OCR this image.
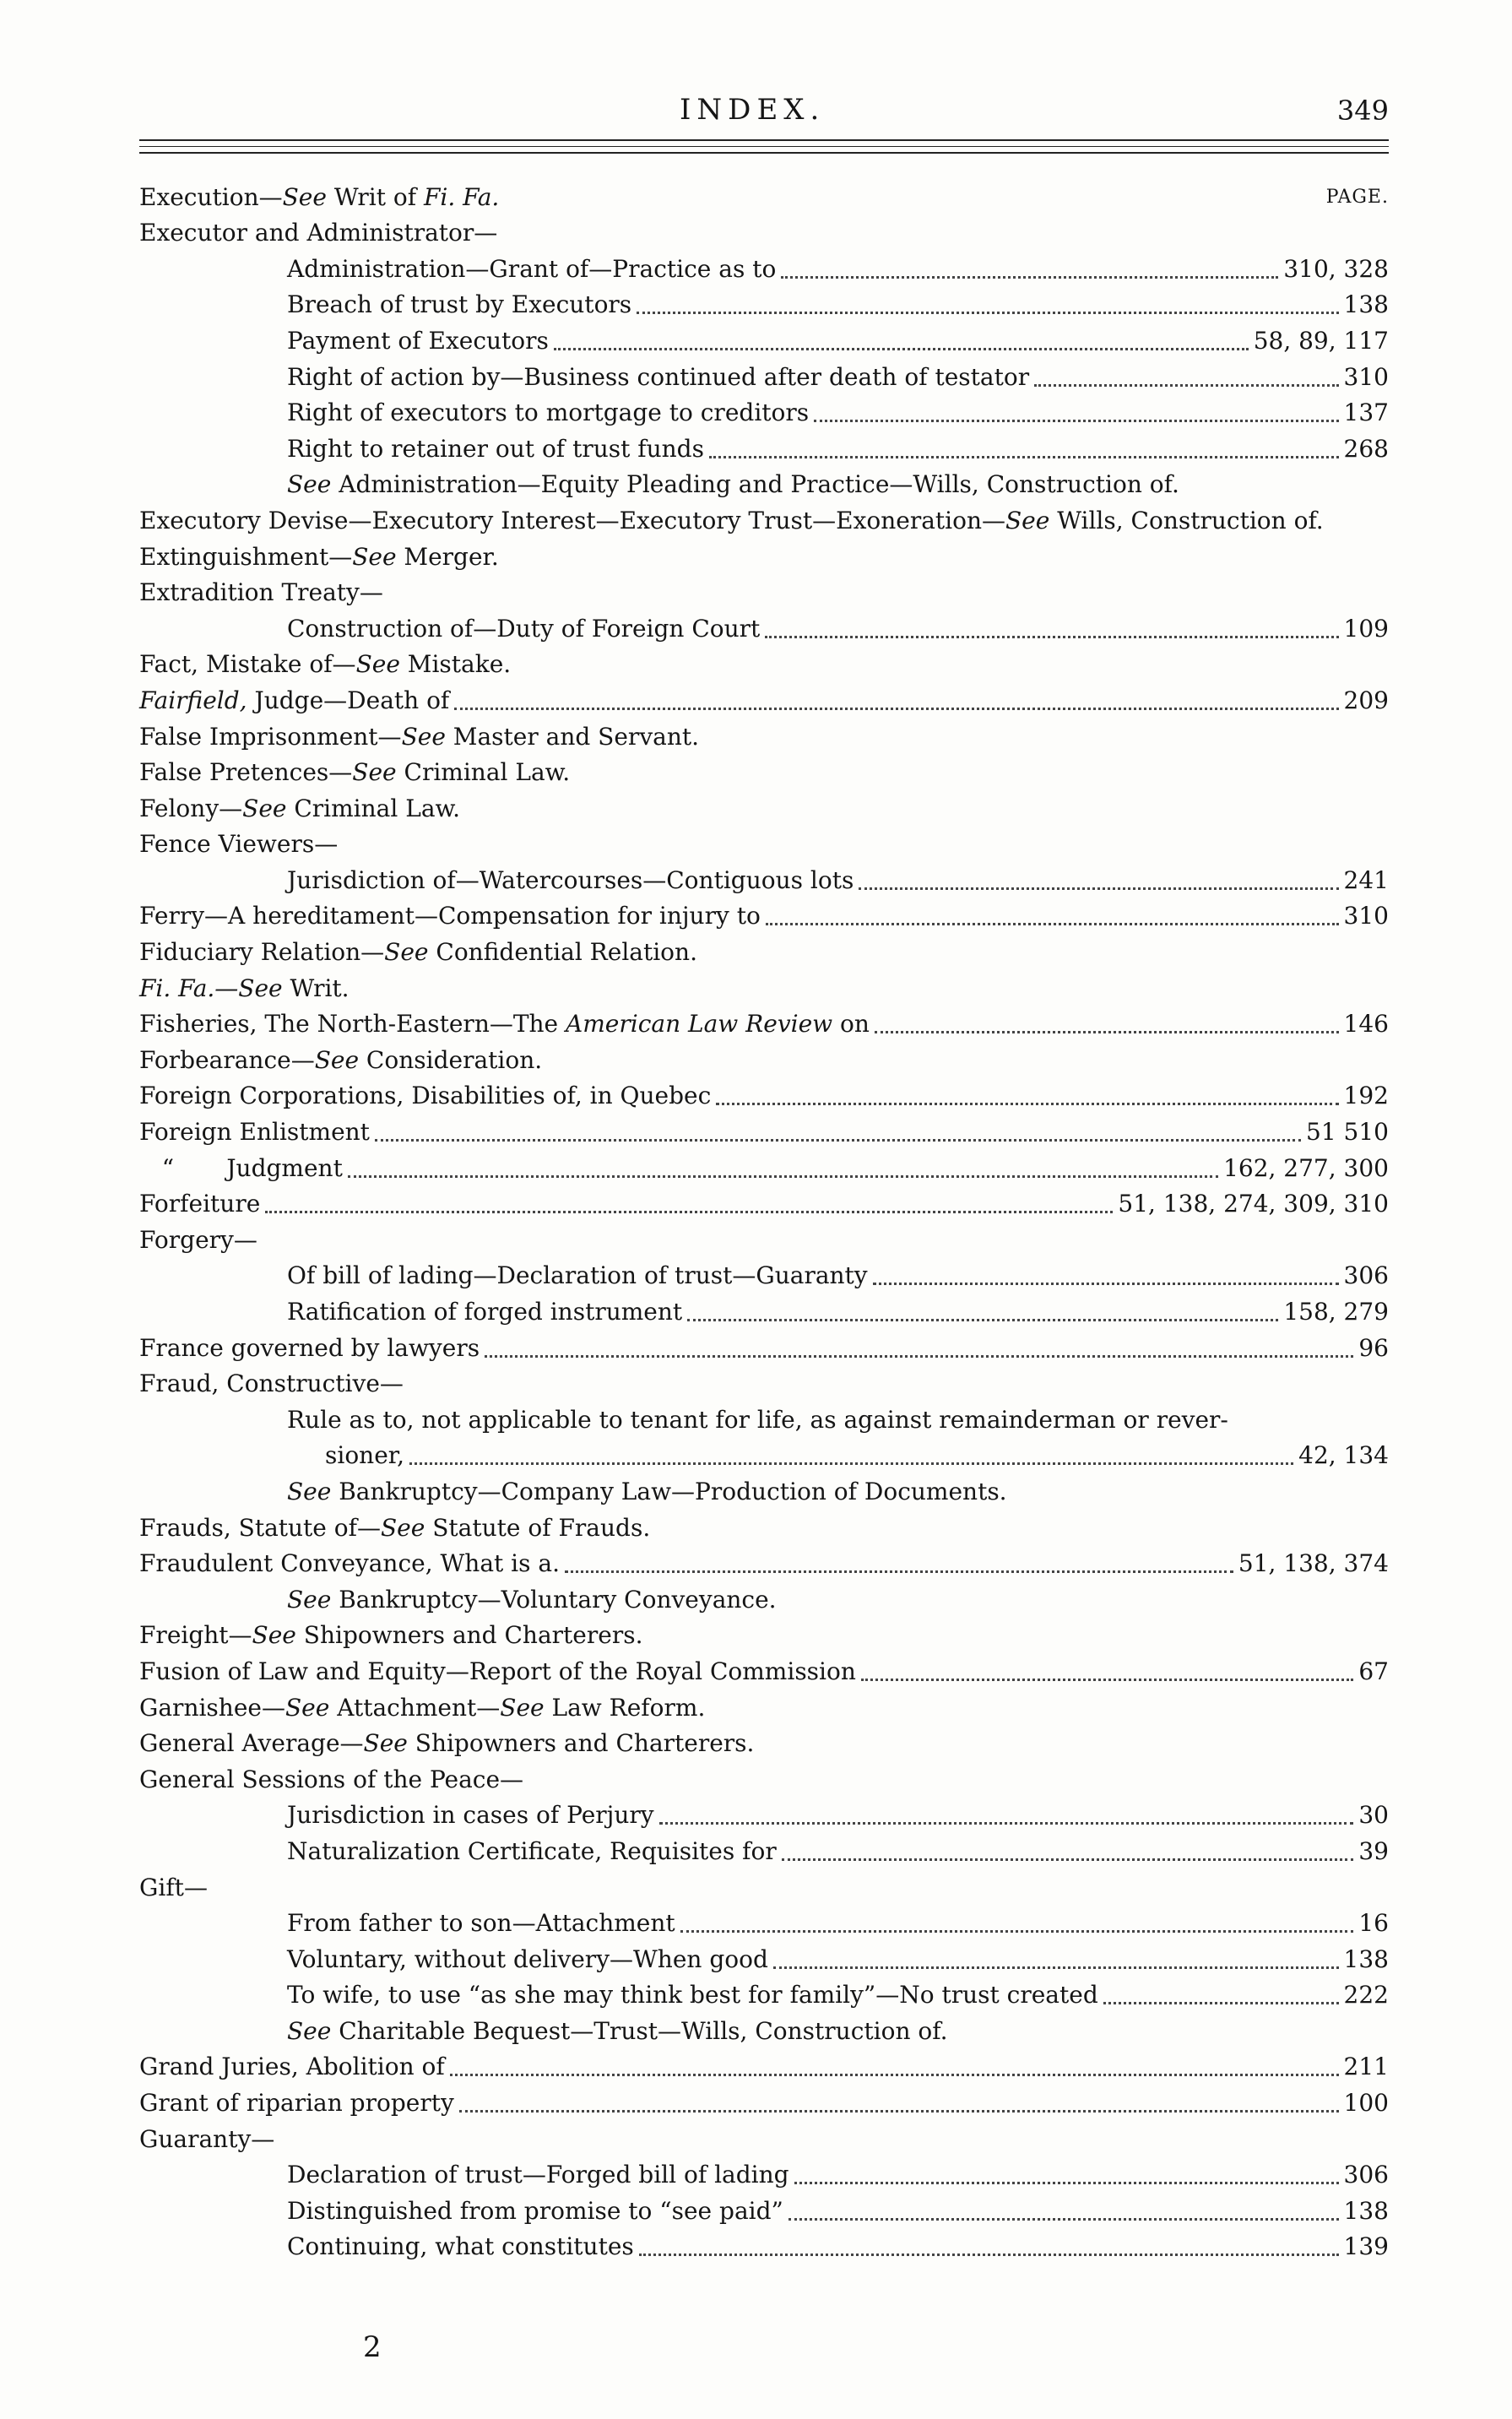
INDEX.	349
Execution—See Writ of Fi. Fa.	PAGE.
Executor and Administrator—
Administration—Grant of—Practice as to	310, 328
Breach of trust by Executors	138
Payment of Executors	58, 89, 117
Right of action by—Business continued after death of testator	310
Right of executors to mortgage to creditors	137
Right to retainer out of trust funds	268
See Administration—Equity Pleading and Practice—Wills, Construction of.
Executory Devise—Executory Interest—Executory Trust—Exoneration—See Wills, Construction of.
Extinguishment—See Merger.
Extradition Treaty—
Construction of—Duty of Foreign Court	109
Fact, Mistake of—See Mistake.
Fairfield, Judge—Death of	209
False Imprisonment—See Master and Servant.
False Pretences—See Criminal Law.
Felony—See Criminal Law.
Fence Viewers—
Jurisdiction of—Watercourses—Contiguous lots	241
Ferry—A hereditament—Compensation for injury to	310
Fiduciary Relation—See Confidential Relation.
Fi. Fa.—See Writ.
Fisheries, The North-Eastern—The American Law Review on	146
Forbearance—See Consideration.
Foreign Corporations, Disabilities of, in Quebec	192
Foreign Enlistment	51 510
“       Judgment	162, 277, 300
Forfeiture	51, 138, 274, 309, 310
Forgery—
Of bill of lading—Declaration of trust—Guaranty	306
Ratification of forged instrument	158, 279
France governed by lawyers	96
Fraud, Constructive—
Rule as to, not applicable to tenant for life, as against remainderman or rever-
sioner,	42, 134
See Bankruptcy—Company Law—Production of Documents.
Frauds, Statute of—See Statute of Frauds.
Fraudulent Conveyance, What is a.	51, 138, 374
See Bankruptcy—Voluntary Conveyance.
Freight—See Shipowners and Charterers.
Fusion of Law and Equity—Report of the Royal Commission	67
Garnishee—See Attachment—See Law Reform.
General Average—See Shipowners and Charterers.
General Sessions of the Peace—
Jurisdiction in cases of Perjury	30
Naturalization Certificate, Requisites for	39
Gift—
From father to son—Attachment	16
Voluntary, without delivery—When good	138
To wife, to use “as she may think best for family”—No trust created	222
See Charitable Bequest—Trust—Wills, Construction of.
Grand Juries, Abolition of	211
Grant of riparian property	100
Guaranty—
Declaration of trust—Forged bill of lading	306
Distinguished from promise to “see paid”	138
Continuing, what constitutes	139
2
